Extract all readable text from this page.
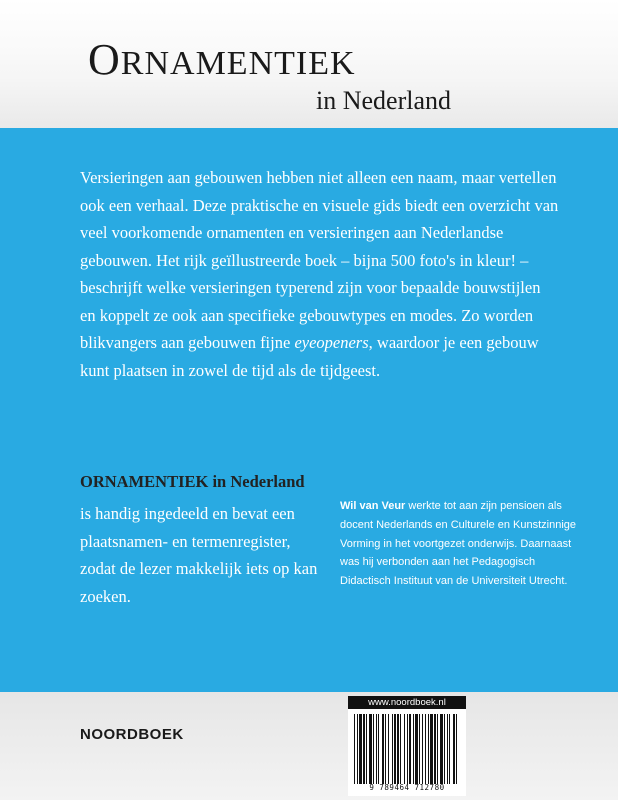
ORNAMENTIEK
in Nederland

Versieringen aan gebouwen hebben niet alleen een naam, maar vertellen ook een verhaal. Deze praktische en visuele gids biedt een overzicht van veel voorkomende ornamenten en versieringen aan Nederlandse gebouwen. Het rijk geïllustreerde boek – bijna 500 foto's in kleur! – beschrijft welke versieringen typerend zijn voor bepaalde bouwstijlen en koppelt ze ook aan specifieke gebouwtypes en modes. Zo worden blikvangers aan gebouwen fijne eyeopeners, waardoor je een gebouw kunt plaatsen in zowel de tijd als de tijdgeest.

ORNAMENTIEK in Nederland

is handig ingedeeld en bevat een plaatsnamen- en termenregister, zodat de lezer makkelijk iets op kan zoeken.

Wil van Veur werkte tot aan zijn pensioen als docent Nederlands en Culturele en Kunstzinnige Vorming in het voortgezet onderwijs. Daarnaast was hij verbonden aan het Pedagogisch Didactisch Instituut van de Universiteit Utrecht.

NOORDBOEK
www.noordboek.nl

9 789464 712780
